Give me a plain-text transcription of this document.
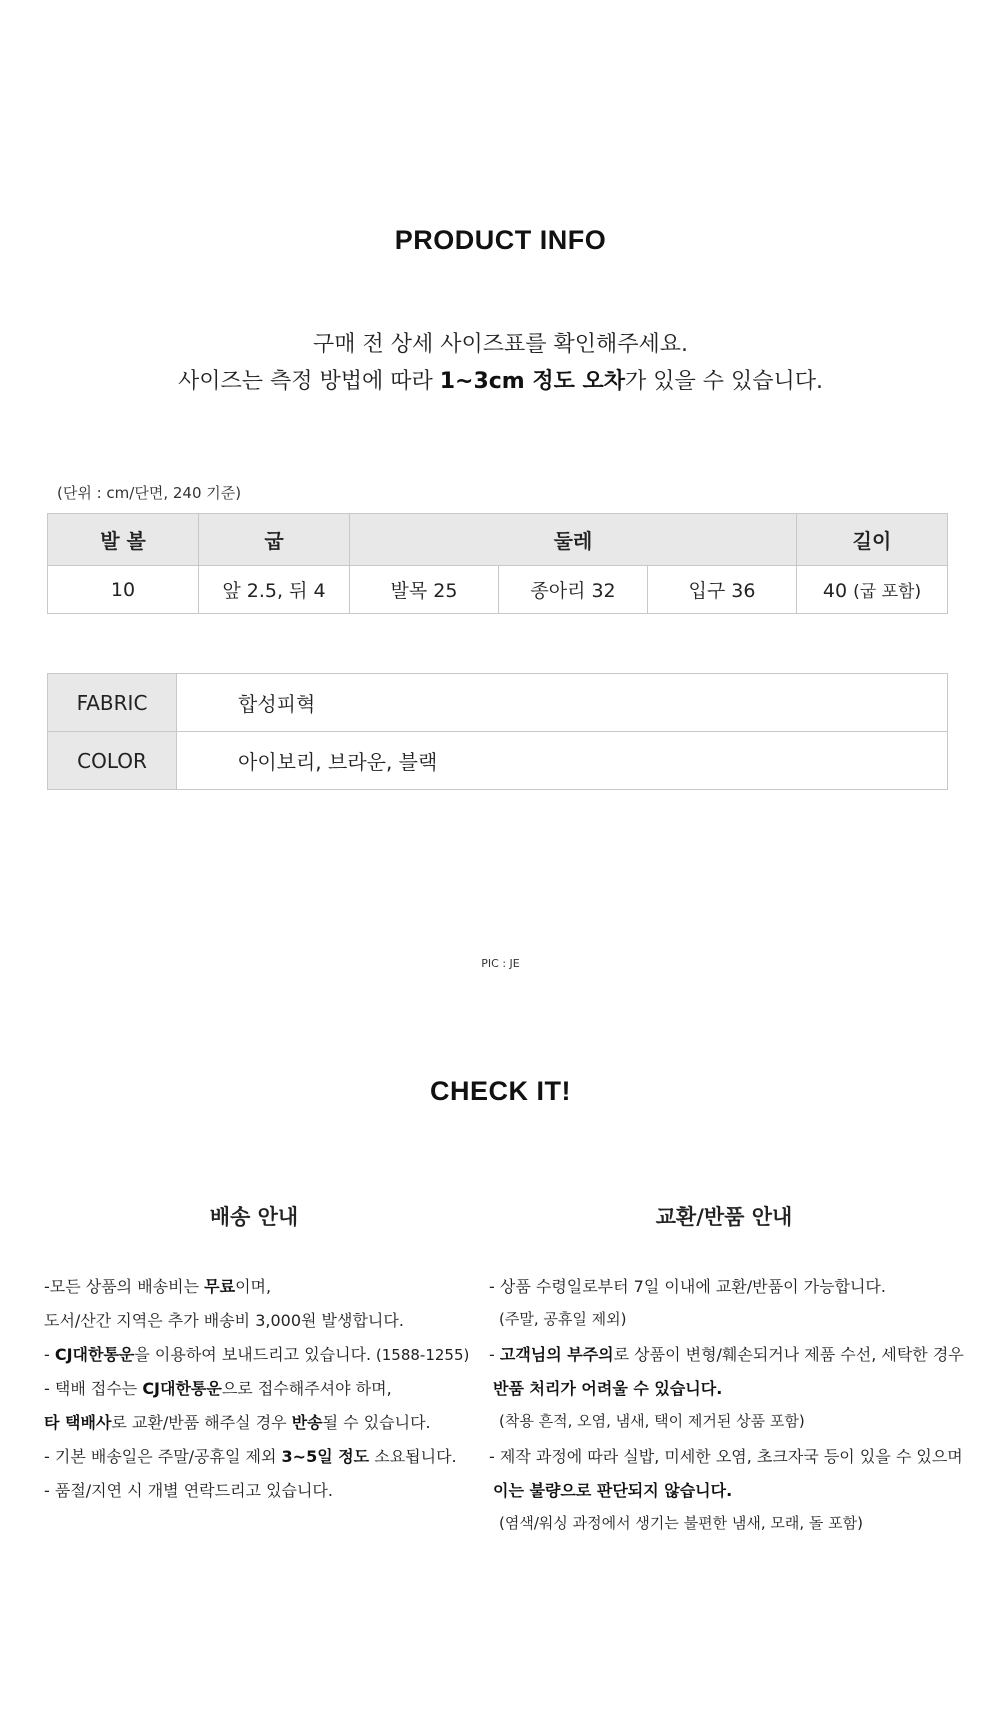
PRODUCT INFO
구매 전 상세 사이즈표를 확인해주세요.
사이즈는 측정 방법에 따라 1~3cm 정도 오차가 있을 수 있습니다.
(단위 : cm/단면, 240 기준)
발 볼	굽	둘레			길이
10	앞 2.5, 뒤 4	발목 25	종아리 32	입구 36	40 (굽 포함)
FABRIC	합성피혁
COLOR	아이보리, 브라운, 블랙
PIC : JE
CHECK IT!
배송 안내	교환/반품 안내
-모든 상품의 배송비는 무료이며,
도서/산간 지역은 추가 배송비 3,000원 발생합니다.
- CJ대한통운을 이용하여 보내드리고 있습니다. (1588-1255)
- 택배 접수는 CJ대한통운으로 접수해주셔야 하며,
타 택배사로 교환/반품 해주실 경우 반송될 수 있습니다.
- 기본 배송일은 주말/공휴일 제외 3~5일 정도 소요됩니다.
- 품절/지연 시 개별 연락드리고 있습니다.
- 상품 수령일로부터 7일 이내에 교환/반품이 가능합니다.
(주말, 공휴일 제외)
- 고객님의 부주의로 상품이 변형/훼손되거나 제품 수선, 세탁한 경우
반품 처리가 어려울 수 있습니다.
(착용 흔적, 오염, 냄새, 택이 제거된 상품 포함)
- 제작 과정에 따라 실밥, 미세한 오염, 초크자국 등이 있을 수 있으며
이는 불량으로 판단되지 않습니다.
(염색/워싱 과정에서 생기는 불편한 냄새, 모래, 돌 포함)
